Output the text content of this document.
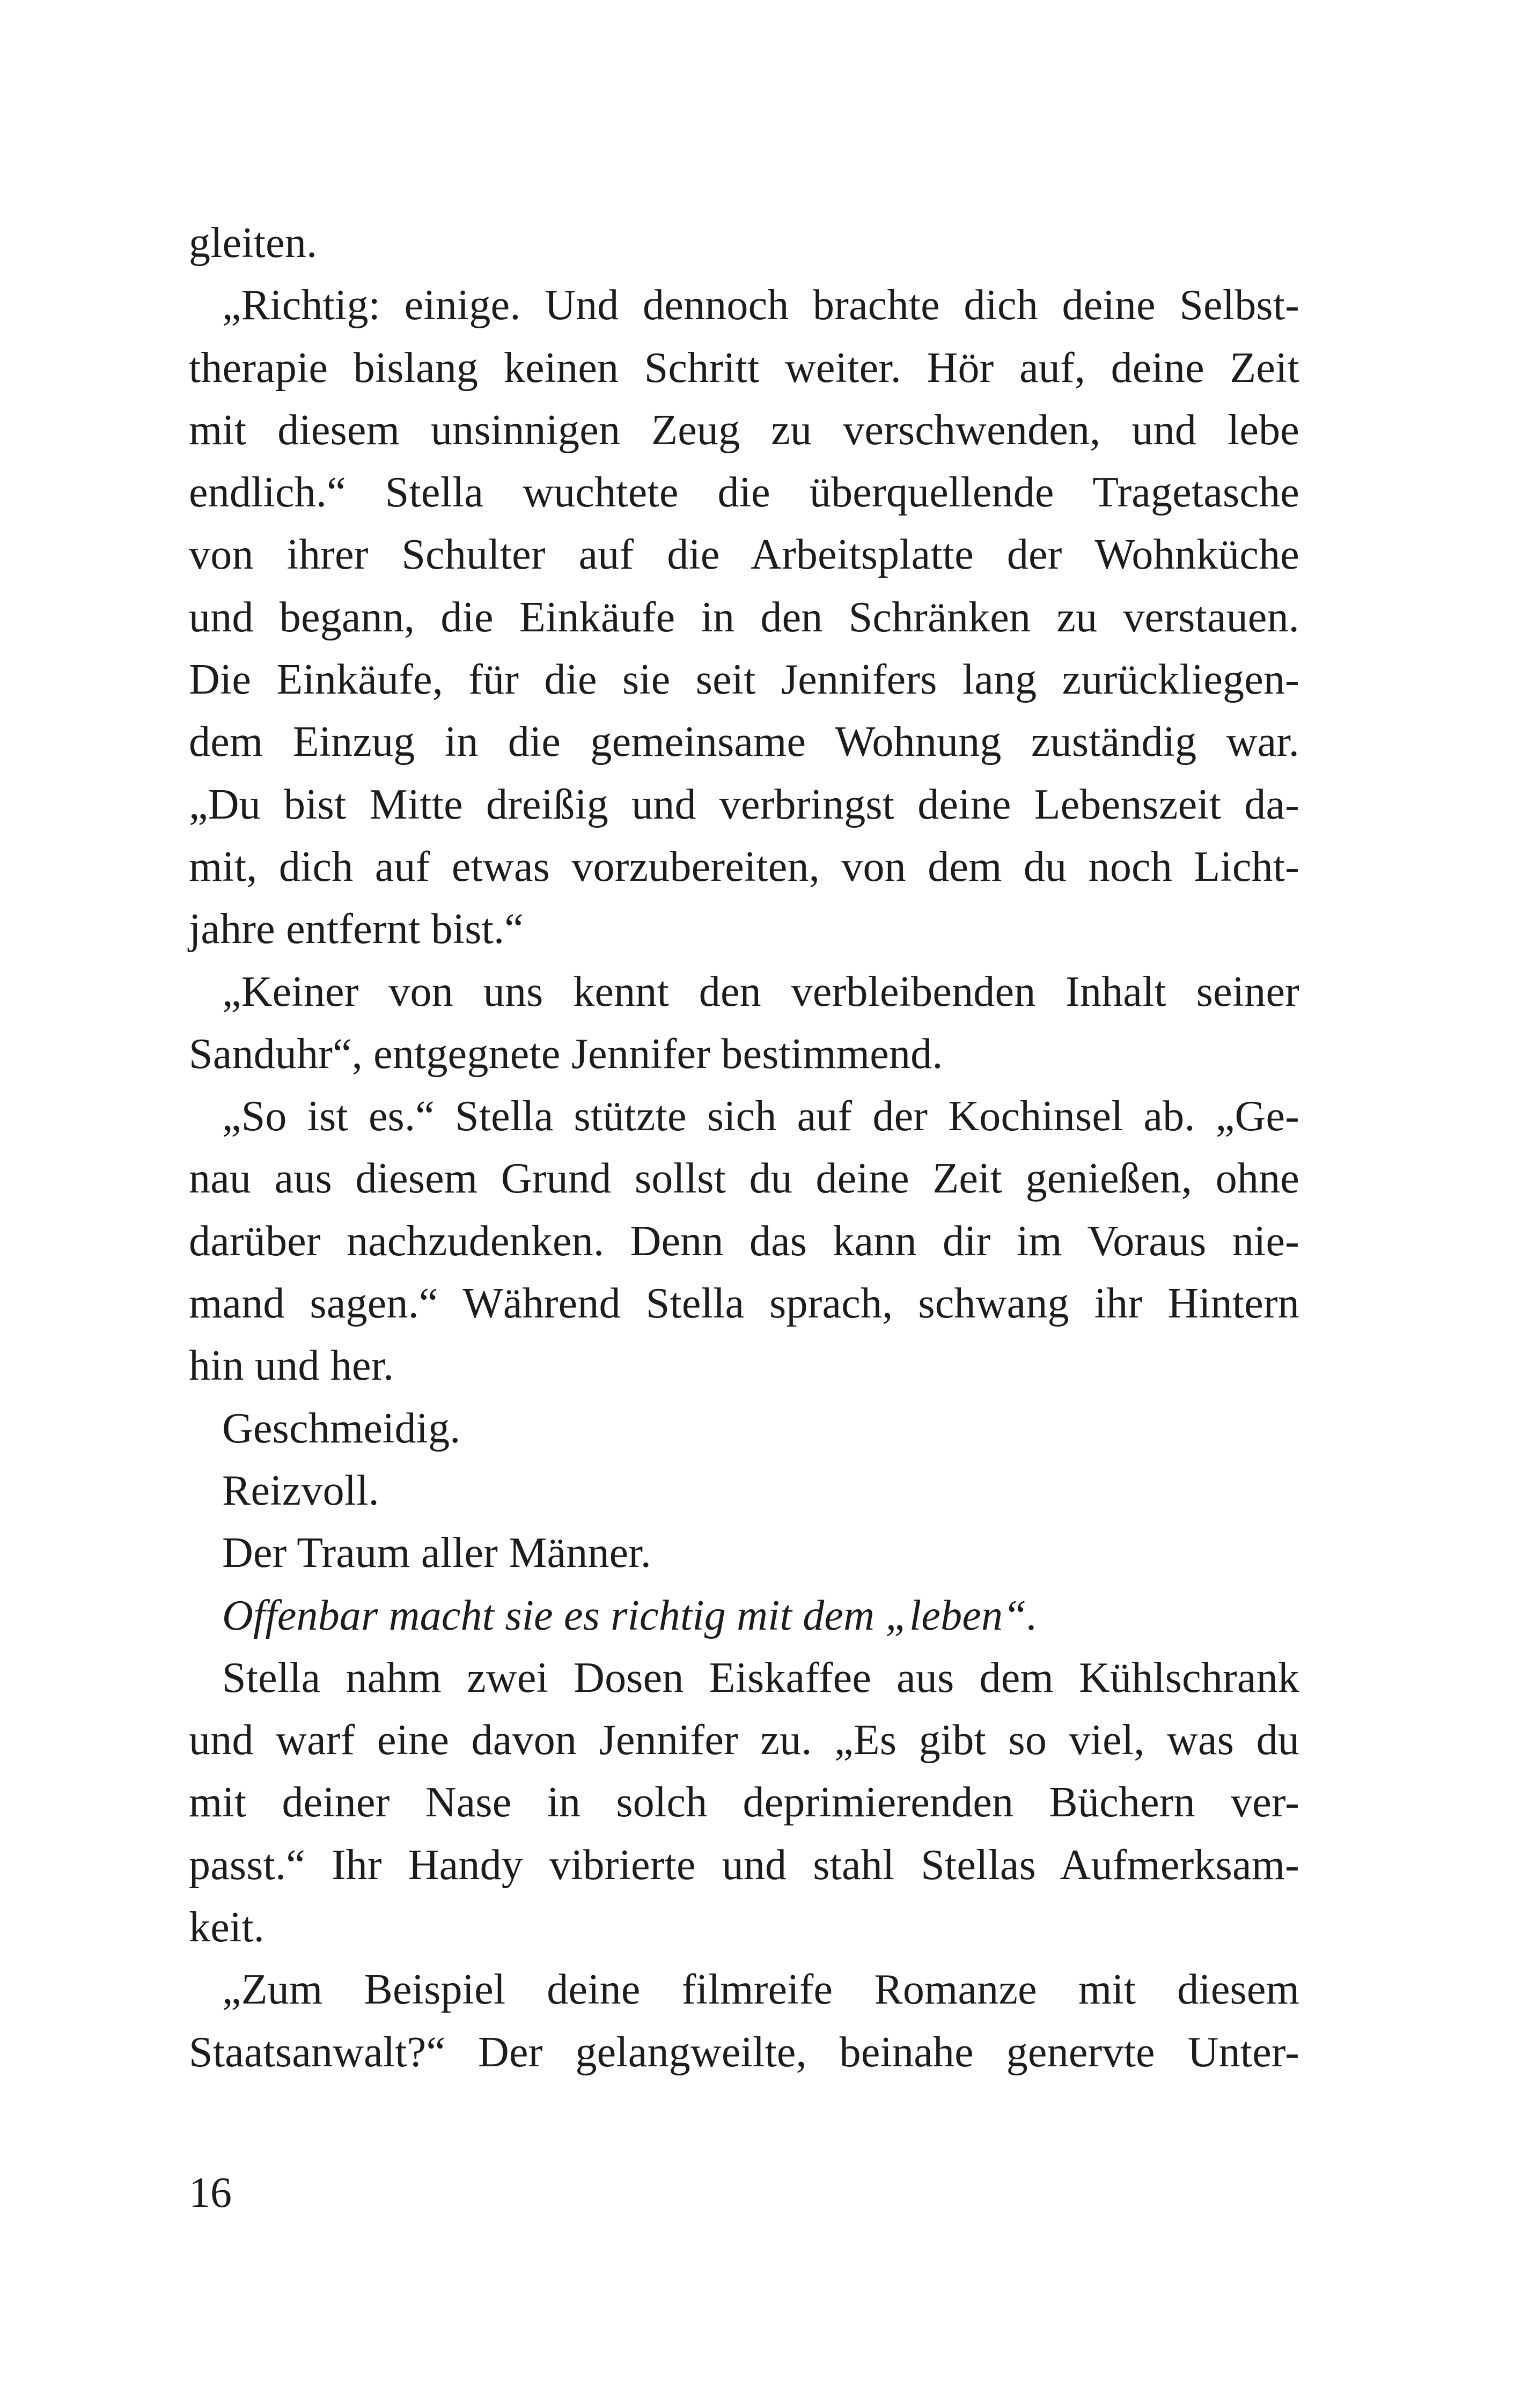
gleiten.
„Richtig: einige. Und dennoch brachte dich deine Selbst-
therapie bislang keinen Schritt weiter. Hör auf, deine Zeit
mit diesem unsinnigen Zeug zu verschwenden, und lebe
endlich.“ Stella wuchtete die überquellende Tragetasche
von ihrer Schulter auf die Arbeitsplatte der Wohnküche
und begann, die Einkäufe in den Schränken zu verstauen.
Die Einkäufe, für die sie seit Jennifers lang zurückliegen-
dem Einzug in die gemeinsame Wohnung zuständig war.
„Du bist Mitte dreißig und verbringst deine Lebenszeit da-
mit, dich auf etwas vorzubereiten, von dem du noch Licht-
jahre entfernt bist.“
„Keiner von uns kennt den verbleibenden Inhalt seiner
Sanduhr“, entgegnete Jennifer bestimmend.
„So ist es.“ Stella stützte sich auf der Kochinsel ab. „Ge-
nau aus diesem Grund sollst du deine Zeit genießen, ohne
darüber nachzudenken. Denn das kann dir im Voraus nie-
mand sagen.“ Während Stella sprach, schwang ihr Hintern
hin und her.
Geschmeidig.
Reizvoll.
Der Traum aller Männer.
Offenbar macht sie es richtig mit dem „leben“.
Stella nahm zwei Dosen Eiskaffee aus dem Kühlschrank
und warf eine davon Jennifer zu. „Es gibt so viel, was du
mit deiner Nase in solch deprimierenden Büchern ver-
passt.“ Ihr Handy vibrierte und stahl Stellas Aufmerksam-
keit.
„Zum Beispiel deine filmreife Romanze mit diesem
Staatsanwalt?“ Der gelangweilte, beinahe genervte Unter-
16
